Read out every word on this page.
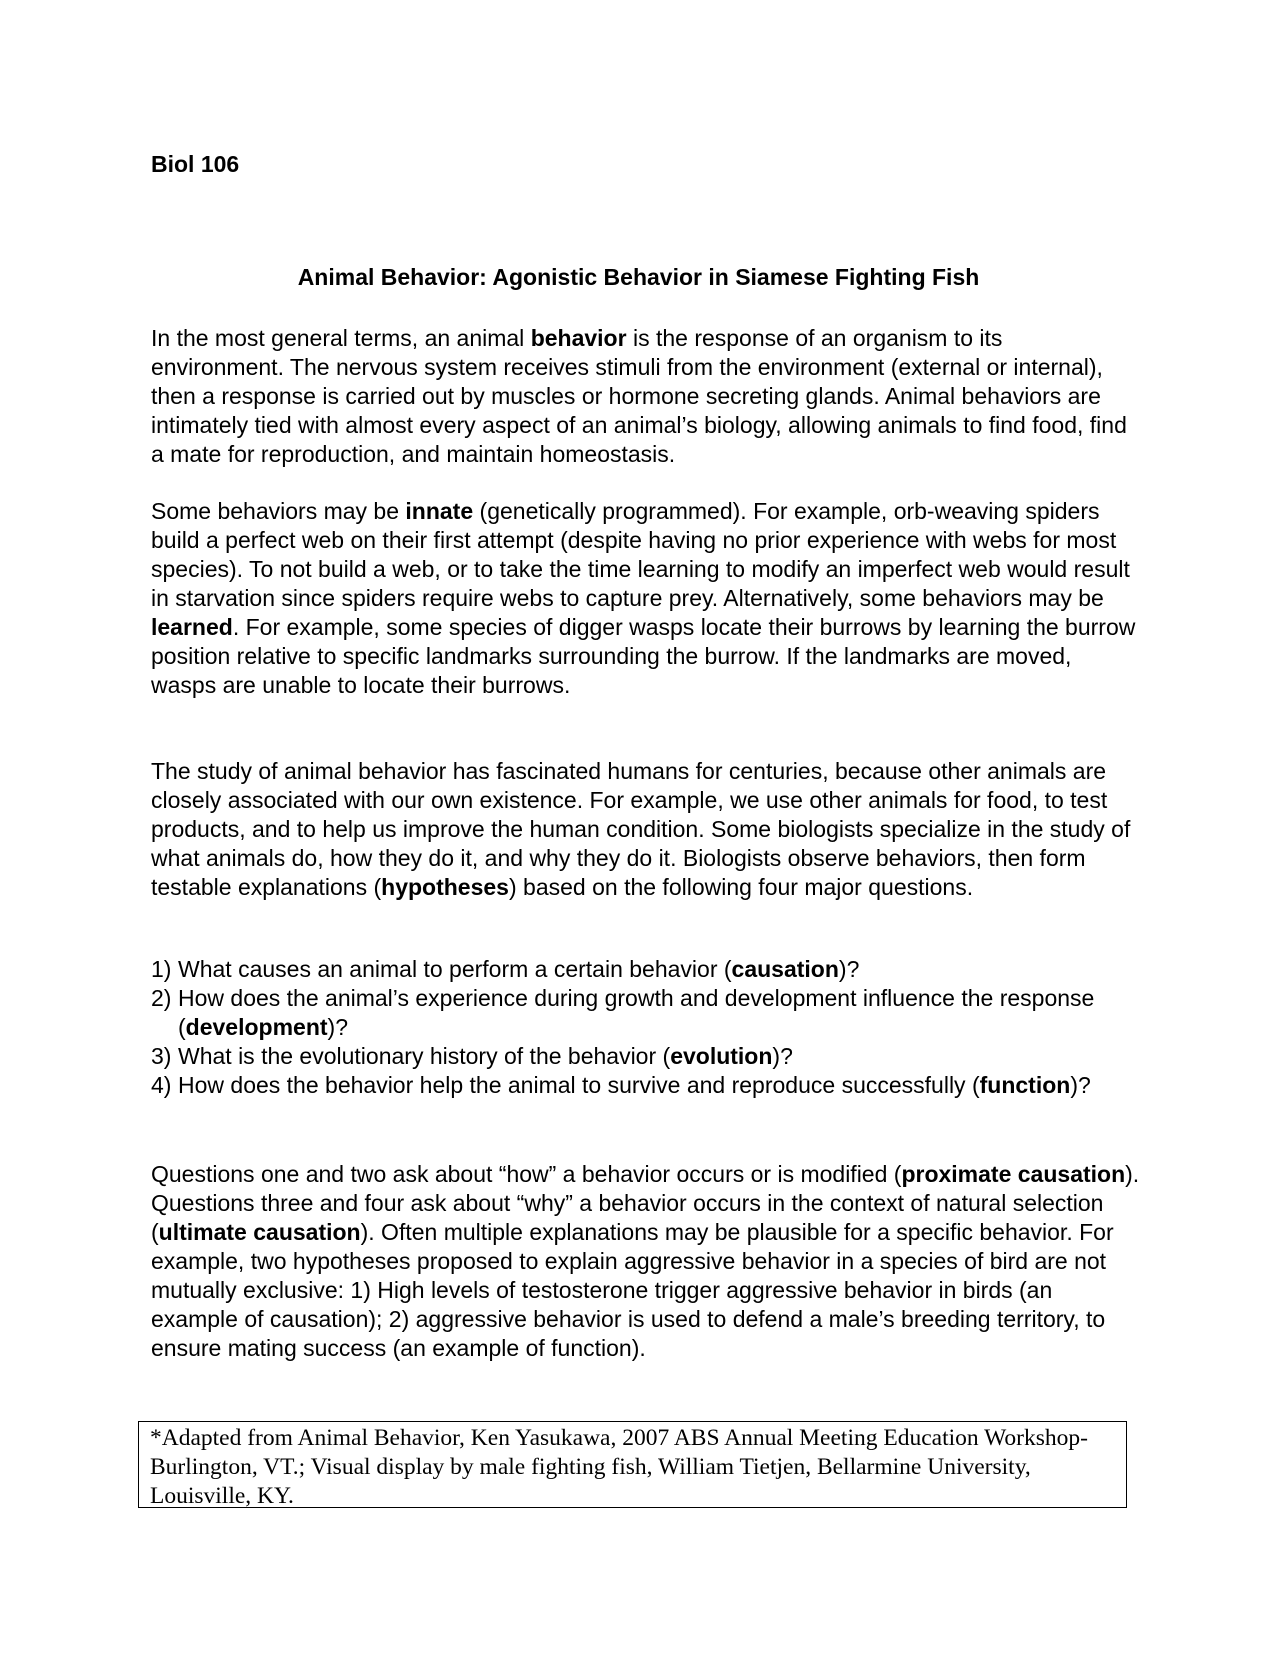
Biol 106

Animal Behavior: Agonistic Behavior in Siamese Fighting Fish

In the most general terms, an animal behavior is the response of an organism to its environment. The nervous system receives stimuli from the environment (external or internal), then a response is carried out by muscles or hormone secreting glands. Animal behaviors are intimately tied with almost every aspect of an animal’s biology, allowing animals to find food, find a mate for reproduction, and maintain homeostasis.

Some behaviors may be innate (genetically programmed). For example, orb-weaving spiders build a perfect web on their first attempt (despite having no prior experience with webs for most species). To not build a web, or to take the time learning to modify an imperfect web would result in starvation since spiders require webs to capture prey. Alternatively, some behaviors may be learned. For example, some species of digger wasps locate their burrows by learning the burrow position relative to specific landmarks surrounding the burrow. If the landmarks are moved, wasps are unable to locate their burrows.

The study of animal behavior has fascinated humans for centuries, because other animals are closely associated with our own existence. For example, we use other animals for food, to test products, and to help us improve the human condition. Some biologists specialize in the study of what animals do, how they do it, and why they do it. Biologists observe behaviors, then form testable explanations (hypotheses) based on the following four major questions.

1) What causes an animal to perform a certain behavior (causation)?
2) How does the animal’s experience during growth and development influence the response (development)?
3) What is the evolutionary history of the behavior (evolution)?
4) How does the behavior help the animal to survive and reproduce successfully (function)?

Questions one and two ask about “how” a behavior occurs or is modified (proximate causation). Questions three and four ask about “why” a behavior occurs in the context of natural selection (ultimate causation). Often multiple explanations may be plausible for a specific behavior. For example, two hypotheses proposed to explain aggressive behavior in a species of bird are not mutually exclusive: 1) High levels of testosterone trigger aggressive behavior in birds (an example of causation); 2) aggressive behavior is used to defend a male’s breeding territory, to ensure mating success (an example of function).

*Adapted from Animal Behavior, Ken Yasukawa, 2007 ABS Annual Meeting Education Workshop- Burlington, VT.; Visual display by male fighting fish, William Tietjen, Bellarmine University, Louisville, KY.
